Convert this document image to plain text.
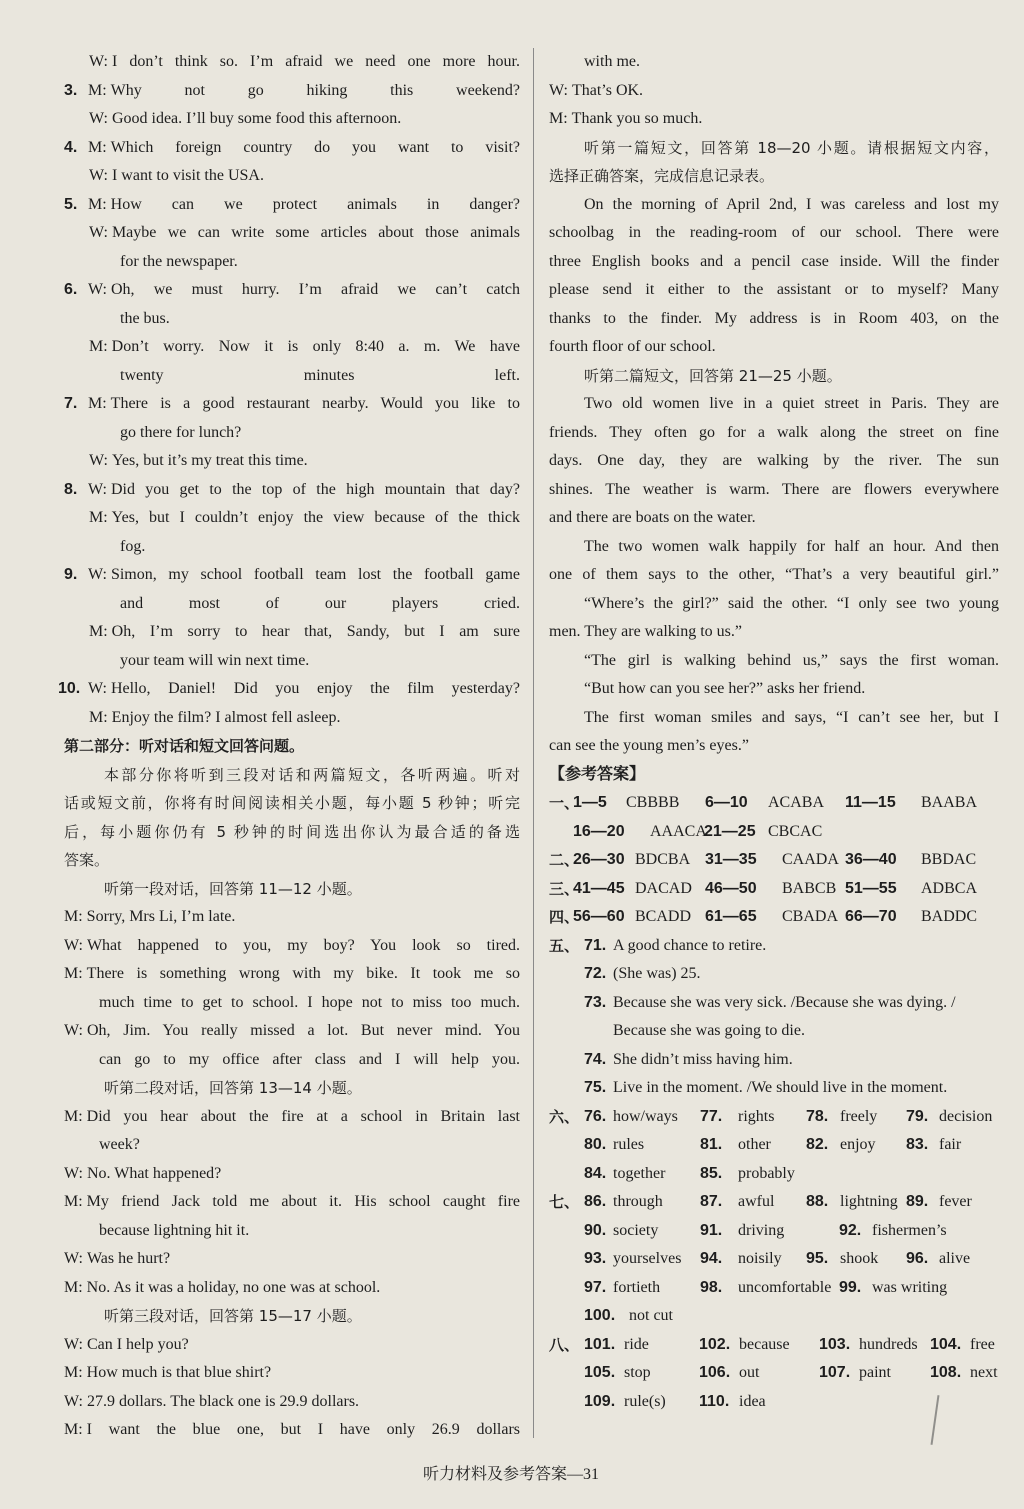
W: I don’t think so. I’m afraid we need one more hour.
3. M: Why not go hiking this weekend?
W: Good idea. I’ll buy some food this afternoon.
4. M: Which foreign country do you want to visit?
W: I want to visit the USA.
5. M: How can we protect animals in danger?
W: Maybe we can write some articles about those animals
for the newspaper.
6. W: Oh, we must hurry. I’m afraid we can’t catch
the bus.
M: Don’t worry. Now it is only 8:40 a. m. We have
twenty minutes left.
7. M: There is a good restaurant nearby. Would you like to
go there for lunch?
W: Yes, but it’s my treat this time.
8. W: Did you get to the top of the high mountain that day?
M: Yes, but I couldn’t enjoy the view because of the thick
fog.
9. W: Simon, my school football team lost the football game
and most of our players cried.
M: Oh, I’m sorry to hear that, Sandy, but I am sure
your team will win next time.
10. W: Hello, Daniel! Did you enjoy the film yesterday?
M: Enjoy the film? I almost fell asleep.
第二部分：听对话和短文回答问题。
本部分你将听到三段对话和两篇短文，各听两遍。听对
话或短文前，你将有时间阅读相关小题，每小题 5 秒钟；听完
后，每小题你仍有 5 秒钟的时间选出你认为最合适的备选
答案。
听第一段对话，回答第 11—12 小题。
M: Sorry, Mrs Li, I’m late.
W: What happened to you, my boy? You look so tired.
M: There is something wrong with my bike. It took me so
much time to get to school. I hope not to miss too much.
W: Oh, Jim. You really missed a lot. But never mind. You
can go to my office after class and I will help you.
听第二段对话，回答第 13—14 小题。
M: Did you hear about the fire at a school in Britain last
week?
W: No. What happened?
M: My friend Jack told me about it. His school caught fire
because lightning hit it.
W: Was he hurt?
M: No. As it was a holiday, no one was at school.
听第三段对话，回答第 15—17 小题。
W: Can I help you?
M: How much is that blue shirt?
W: 27.9 dollars. The black one is 29.9 dollars.
M: I want the blue one, but I have only 26.9 dollars
with me.
W: That’s OK.
M: Thank you so much.
听第一篇短文，回答第 18—20 小题。请根据短文内容，
选择正确答案，完成信息记录表。
On the morning of April 2nd, I was careless and lost my
schoolbag in the reading-room of our school. There were
three English books and a pencil case inside. Will the finder
please send it either to the assistant or to myself? Many
thanks to the finder. My address is in Room 403, on the
fourth floor of our school.
听第二篇短文，回答第 21—25 小题。
Two old women live in a quiet street in Paris. They are
friends. They often go for a walk along the street on fine
days. One day, they are walking by the river. The sun
shines. The weather is warm. There are flowers everywhere
and there are boats on the water.
The two women walk happily for half an hour. And then
one of them says to the other, “That’s a very beautiful girl.”
“Where’s the girl?” said the other. “I only see two young
men. They are walking to us.”
“The girl is walking behind us,” says the first woman.
“But how can you see her?” asks her friend.
The first woman smiles and says, “I can’t see her, but I
can see the young men’s eyes.”
【参考答案】
一、
1—5 CBBBB 6—10 ACABA 11—15 BAABA
16—20 AAACA
21—25 CBCAC
二、
26—30 BDCBA 31—35 CAADA 36—40 BBDAC
三、
41—45 DACAD 46—50 BABCB 51—55 ADBCA
四、
56—60 BCADD 61—65 CBADA 66—70 BADDC
五、 71. A good chance to retire.
72. (She was) 25.
73. Because she was very sick. /Because she was dying. /
Because she was going to die.
74. She didn’t miss having him.
75. Live in the moment. /We should live in the moment.
六、 76. how/ways 77. rights 78. freely 79. decision
80. rules	81. other 82. enjoy 83. fair
84. together 85. probably
七、 86. through 87. awful 88. lightning 89. fever
90. society	91. driving	92. fishermen’s
93. yourselves 94. noisily 95. shook 96. alive
97. fortieth 98. uncomfortable 99. was writing
100. not cut
八、 101. ride	102. because 103. hundreds 104. free
105. stop	106. out	107. paint 108. next
109. rule(s) 110. idea
听力材料及参考答案—31
